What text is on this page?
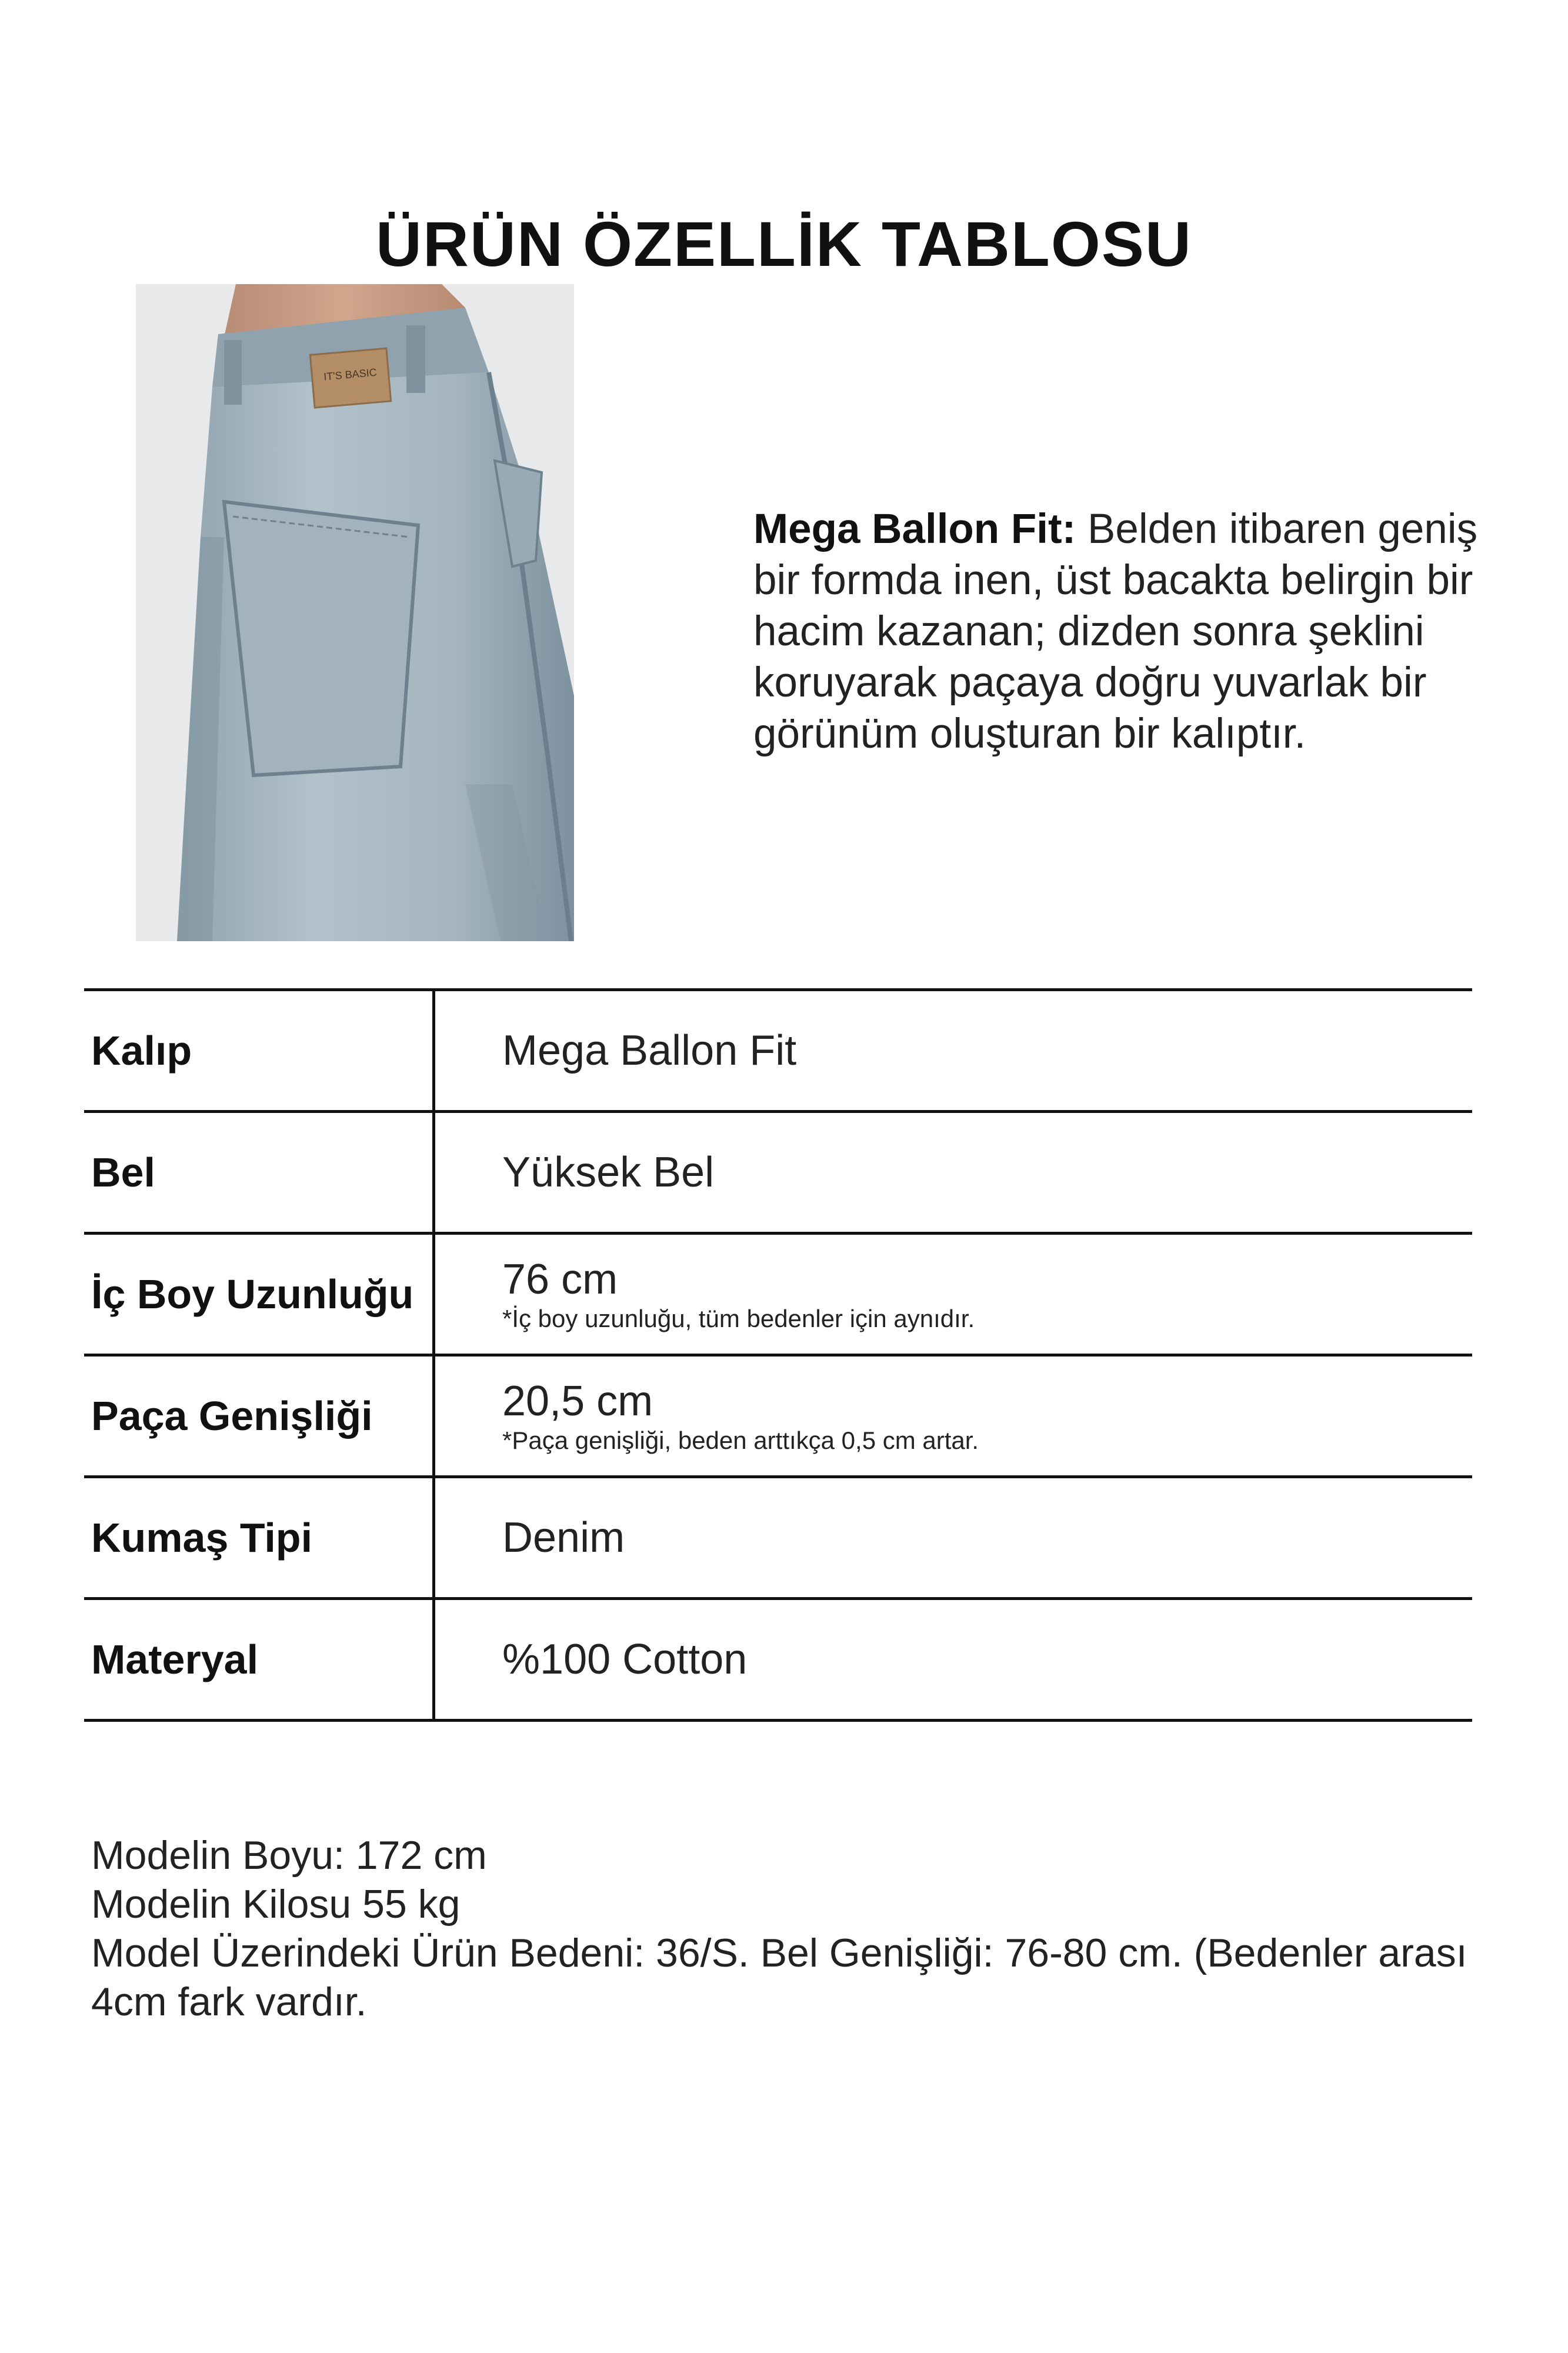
ÜRÜN ÖZELLİK TABLOSU
IT'S BASIC

Mega Ballon Fit: Belden itibaren geniş bir formda inen, üst bacakta belirgin bir hacim kazanan; dizden sonra şeklini koruyarak paçaya doğru yuvarlak bir görünüm oluşturan bir kalıptır.

Kalıp	Mega Ballon Fit
Bel	Yüksek Bel
İç Boy Uzunluğu	76 cm
*İç boy uzunluğu, tüm bedenler için aynıdır.
Paça Genişliği	20,5 cm
*Paça genişliği, beden arttıkça 0,5 cm artar.
Kumaş Tipi	Denim
Materyal	%100 Cotton
Modelin Boyu: 172 cm
Modelin Kilosu 55 kg
Model Üzerindeki Ürün Bedeni: 36/S. Bel Genişliği: 76-80 cm. (Bedenler arası 4cm fark vardır.
